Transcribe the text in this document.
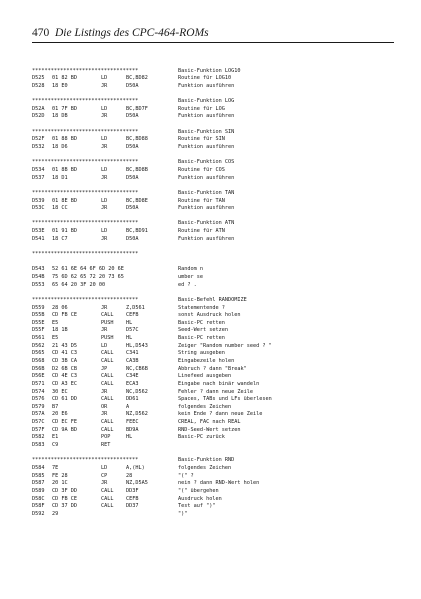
470 Die Listings des CPC-464-ROMs
**********************************	Basic-Funktion LOG10
D525 01 82 BD	LD	BC,BD82	Routine für LOG10
D528 18 E0	JR	D50A	Funktion ausführen
**********************************	Basic-Funktion LOG
D52A 01 7F BD	LD	BC,BD7F	Routine für LOG
D52D 18 DB	JR	D50A	Funktion ausführen
**********************************	Basic-Funktion SIN
D52F 01 88 BD	LD	BC,BD88	Routine für SIN
D532 18 D6	JR	D50A	Funktion ausführen
**********************************	Basic-Funktion COS
D534 01 8B BD	LD	BC,BD8B	Routine für COS
D537 18 D1	JR	D50A	Funktion ausführen
**********************************	Basic-Funktion TAN
D539 01 8E BD	LD	BC,BD8E	Routine für TAN
D53C 18 CC	JR	D50A	Funktion ausführen
**********************************	Basic-Funktion ATN
D53E 01 91 BD	LD	BC,BD91	Routine für ATN
D541 18 C7	JR	D50A	Funktion ausführen
**********************************
D543 52 61 6E 64 6F 6D 20 6E	Random n
D54B 75 6D 62 65 72 20 73 65	umber se
D553 65 64 20 3F 20 00	ed ? .
**********************************	Basic-Befehl RANDOMIZE
D559 28 06	JR	Z,D561	Statementende ?
D55B CD FB CE	CALL CEFB	sonst Ausdruck holen
D55E E5	PUSH HL	Basic-PC retten
D55F 18 1B	JR	D57C	Seed-Wert setzen
D561 E5	PUSH HL	Basic-PC retten
D562 21 43 D5	LD	HL,D543	Zeiger "Random number seed ? "
D565 CD 41 C3	CALL C341	String ausgeben
D568 CD 3B CA	CALL CA3B	Eingabezeile holen
D56B D2 6B CB	JP	NC,CB6B	Abbruch ? dann "Break"
D56E CD 4E C3	CALL C34E	Linefeed ausgeben
D571 CD A3 EC	CALL ECA3	Eingabe nach binär wandeln
D574 30 EC	JR	NC,D562	Fehler ? dann neue Zeile
D576 CD 61 DD	CALL DD61	Spaces, TABs und LFs überlesen
D579 B7	OR	A	folgendes Zeichen
D57A 20 E6	JR	NZ,D562	kein Ende ? dann neue Zeile
D57C CD EC FE	CALL FEEC	CREAL, FAC nach REAL
D57F CD 9A BD	CALL BD9A	RND-Seed-Wert setzen
D582 E1	POP	HL	Basic-PC zurück
D583 C9	RET
**********************************	Basic-Funktion RND
D584 7E	LD	A,(HL)	folgendes Zeichen
D585 FE 28	CP	28	"(" ?
D587 20 1C	JR	NZ,D5A5	nein ? dann RND-Wert holen
D589 CD 3F DD	CALL DD3F	"(" übergehen
D58C CD FB CE	CALL CEFB	Ausdruck holen
D58F CD 37 DD	CALL DD37	Test auf ")"
D592 29	")"
